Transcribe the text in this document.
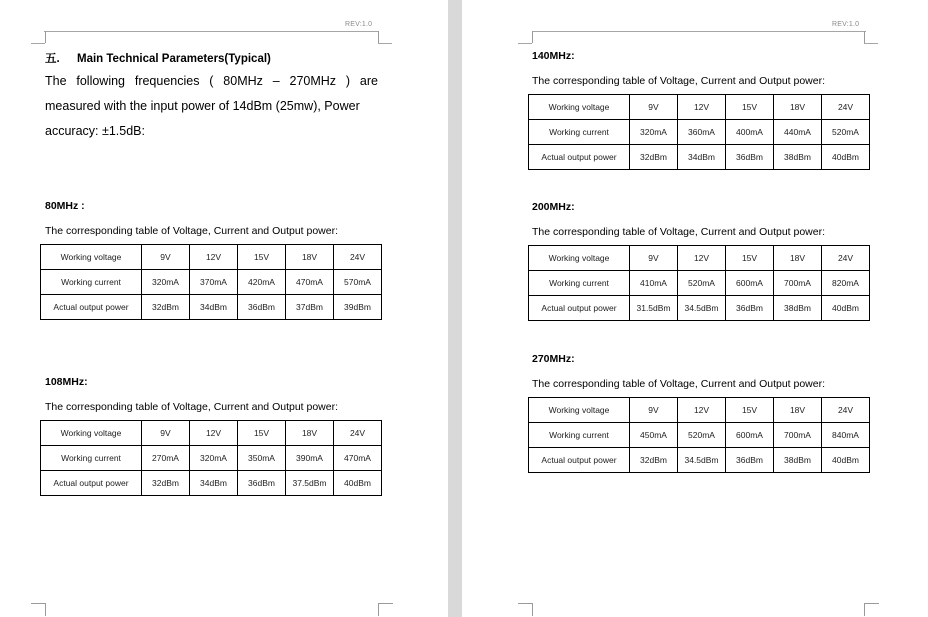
REV:1.0
五. Main Technical Parameters(Typical)
The following frequencies ( 80MHz – 270MHz ) are
measured with the input power of 14dBm (25mw), Power
accuracy: ±1.5dB:
80MHz :
The corresponding table of Voltage, Current and Output power:
Working voltage	9V	12V	15V	18V	24V
Working current	320mA	370mA	420mA	470mA	570mA
Actual output power	32dBm	34dBm	36dBm	37dBm	39dBm
108MHz:
The corresponding table of Voltage, Current and Output power:
Working voltage	9V	12V	15V	18V	24V
Working current	270mA	320mA	350mA	390mA	470mA
Actual output power	32dBm	34dBm	36dBm	37.5dBm	40dBm
REV:1.0
140MHz:
The corresponding table of Voltage, Current and Output power:
Working voltage	9V	12V	15V	18V	24V
Working current	320mA	360mA	400mA	440mA	520mA
Actual output power	32dBm	34dBm	36dBm	38dBm	40dBm
200MHz:
The corresponding table of Voltage, Current and Output power:
Working voltage	9V	12V	15V	18V	24V
Working current	410mA	520mA	600mA	700mA	820mA
Actual output power	31.5dBm	34.5dBm	36dBm	38dBm	40dBm
270MHz:
The corresponding table of Voltage, Current and Output power:
Working voltage	9V	12V	15V	18V	24V
Working current	450mA	520mA	600mA	700mA	840mA
Actual output power	32dBm	34.5dBm	36dBm	38dBm	40dBm
